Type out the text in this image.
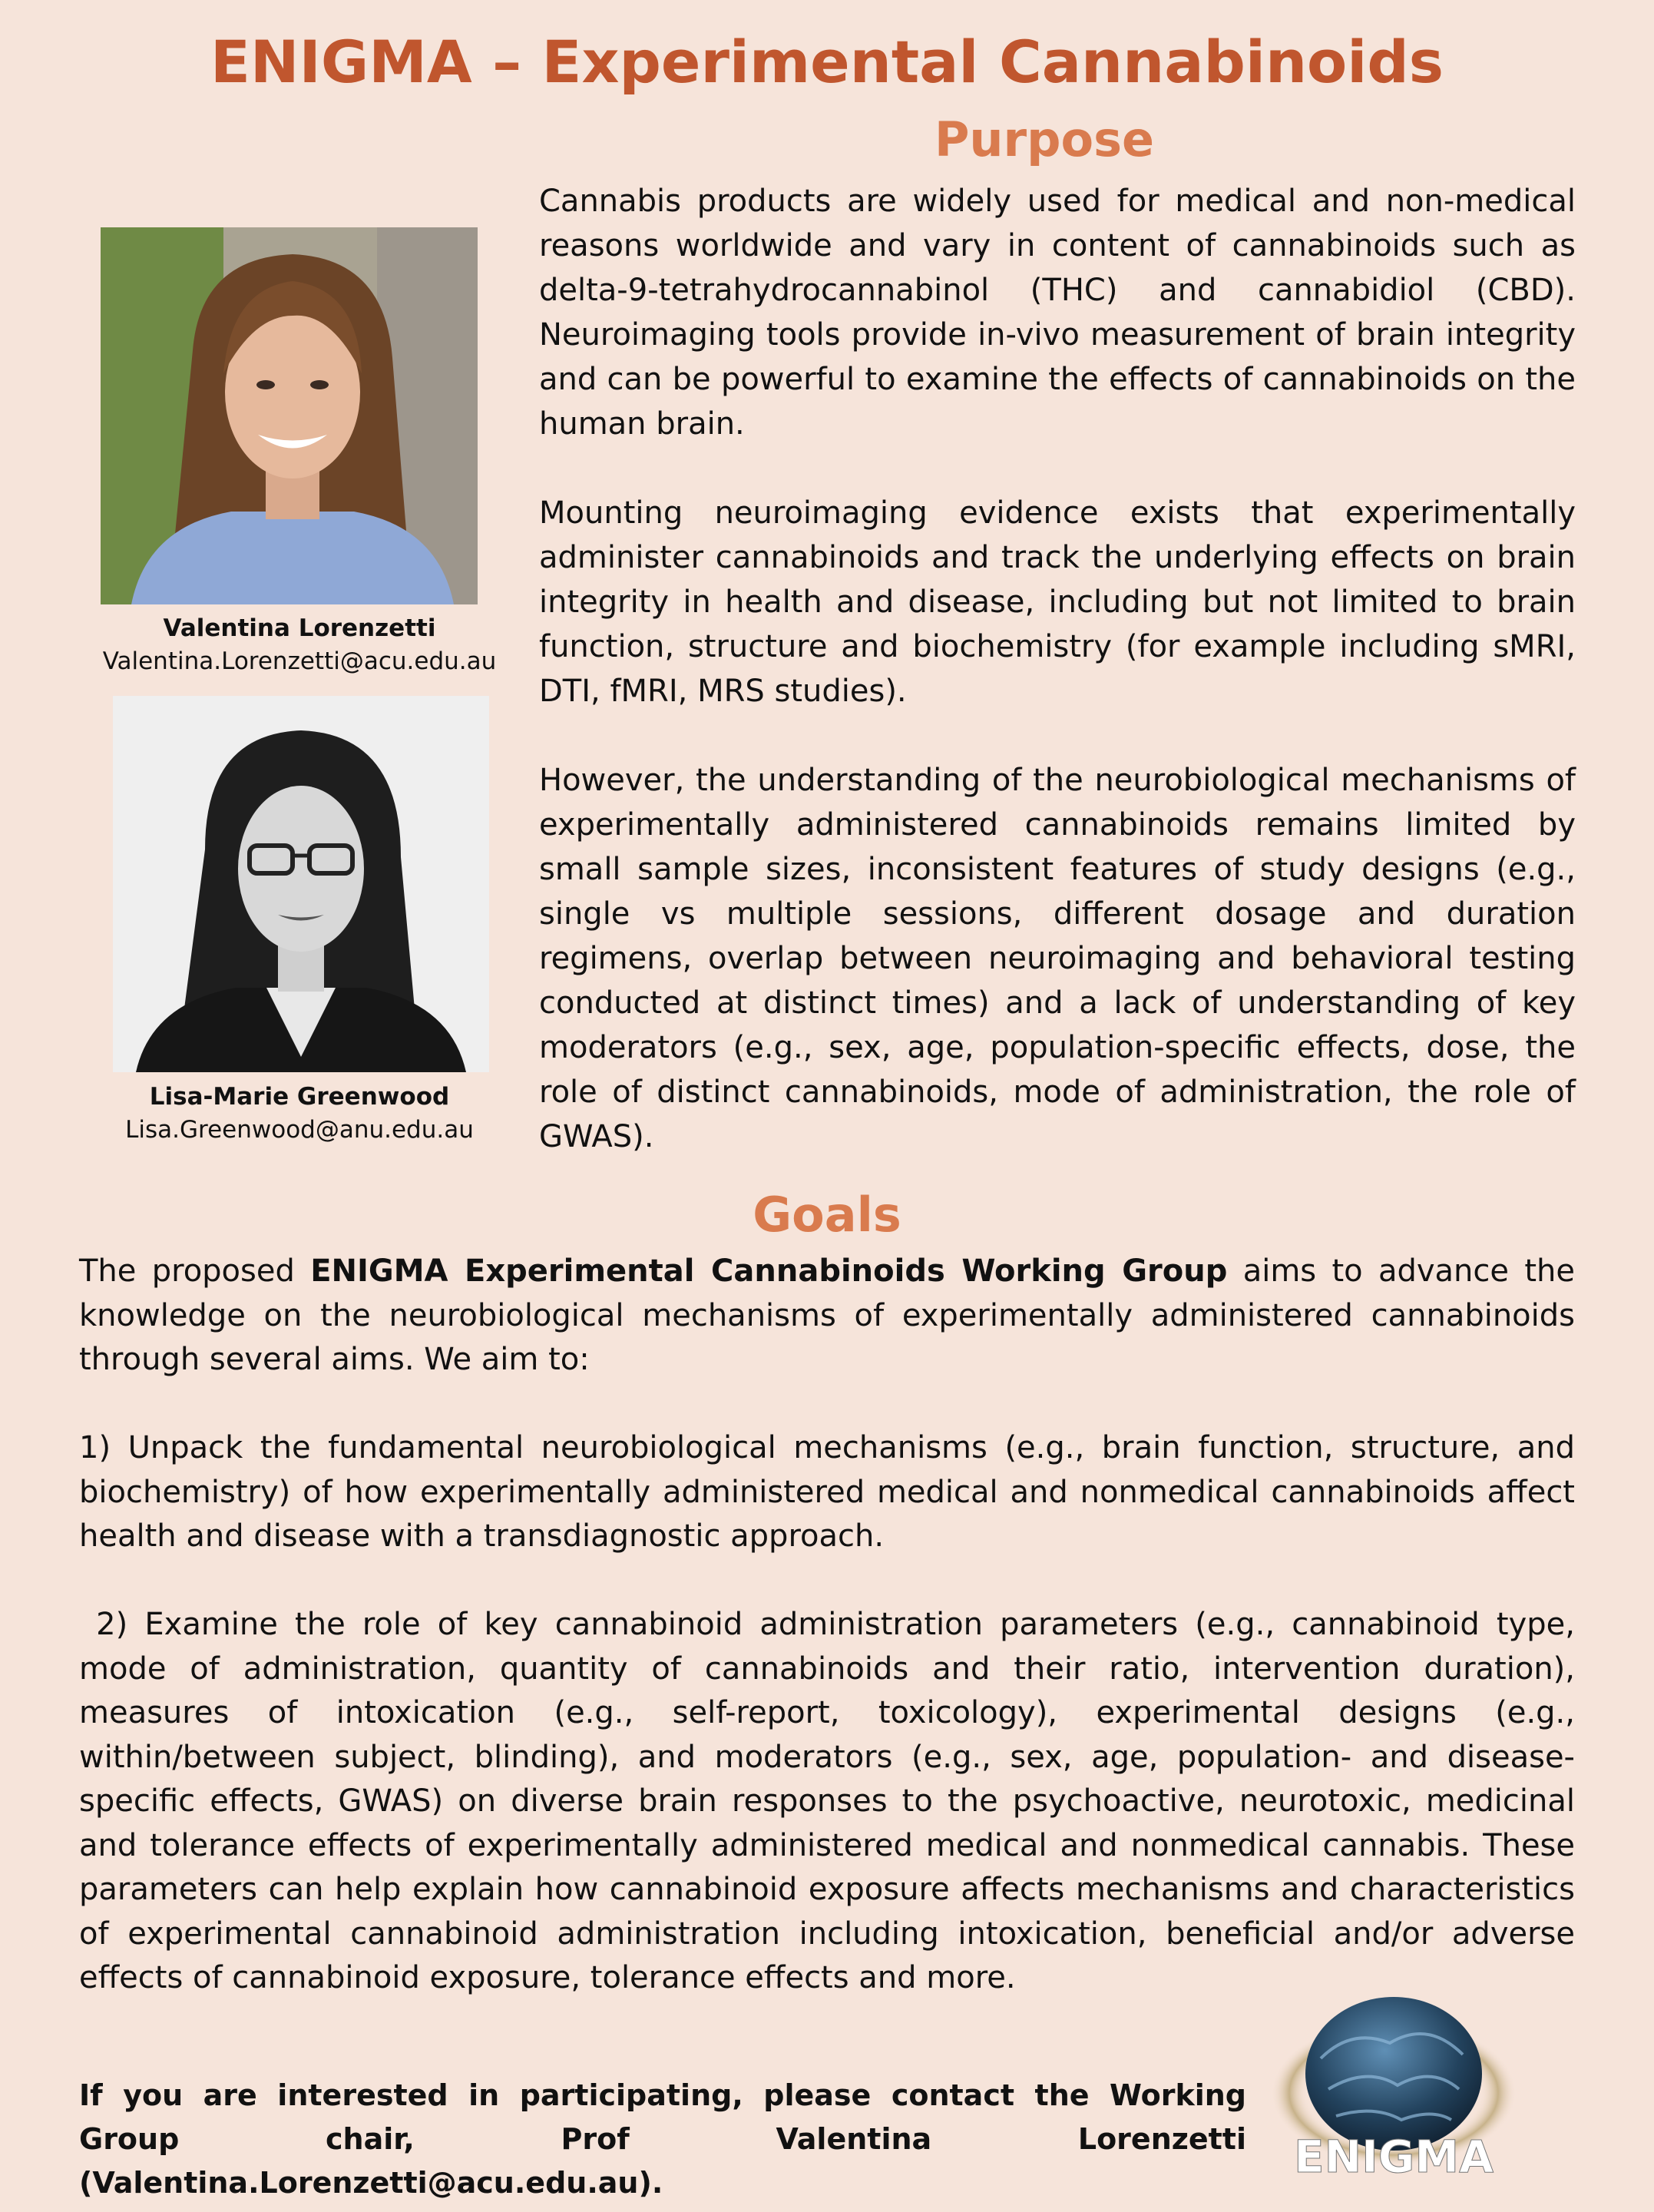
ENIGMA – Experimental Cannabinoids
Purpose

Cannabis products are widely used for medical and non-medical reasons worldwide and vary in content of cannabinoids such as delta-9-tetrahydrocannabinol (THC) and cannabidiol (CBD). Neuroimaging tools provide in-vivo measurement of brain integrity and can be powerful to examine the effects of cannabinoids on the human brain.

Mounting neuroimaging evidence exists that experimentally administer cannabinoids and track the underlying effects on brain integrity in health and disease, including but not limited to brain function, structure and biochemistry (for example including sMRI, DTI, fMRI, MRS studies).

However, the understanding of the neurobiological mechanisms of experimentally administered cannabinoids remains limited by small sample sizes, inconsistent features of study designs (e.g., single vs multiple sessions, different dosage and duration regimens, overlap between neuroimaging and behavioral testing conducted at distinct times) and a lack of understanding of key moderators (e.g., sex, age, population-specific effects, dose, the role of distinct cannabinoids, mode of administration, the role of GWAS).

Valentina Lorenzetti
Valentina.Lorenzetti@acu.edu.au
Lisa-Marie Greenwood
Lisa.Greenwood@anu.edu.au
Goals

The proposed ENIGMA Experimental Cannabinoids Working Group aims to advance the knowledge on the neurobiological mechanisms of experimentally administered cannabinoids through several aims. We aim to:

1) Unpack the fundamental neurobiological mechanisms (e.g., brain function, structure, and biochemistry) of how experimentally administered medical and nonmedical cannabinoids affect health and disease with a transdiagnostic approach.

2) Examine the role of key cannabinoid administration parameters (e.g., cannabinoid type, mode of administration, quantity of cannabinoids and their ratio, intervention duration), measures of intoxication (e.g., self-report, toxicology), experimental designs (e.g., within/between subject, blinding), and moderators (e.g., sex, age, population- and disease-specific effects, GWAS) on diverse brain responses to the psychoactive, neurotoxic, medicinal and tolerance effects of experimentally administered medical and nonmedical cannabis. These parameters can help explain how cannabinoid exposure affects mechanisms and characteristics of experimental cannabinoid administration including intoxication, beneficial and/or adverse effects of cannabinoid exposure, tolerance effects and more.

If you are interested in participating, please contact the Working Group chair, Prof Valentina Lorenzetti (Valentina.Lorenzetti@acu.edu.au).	ENIGMA
